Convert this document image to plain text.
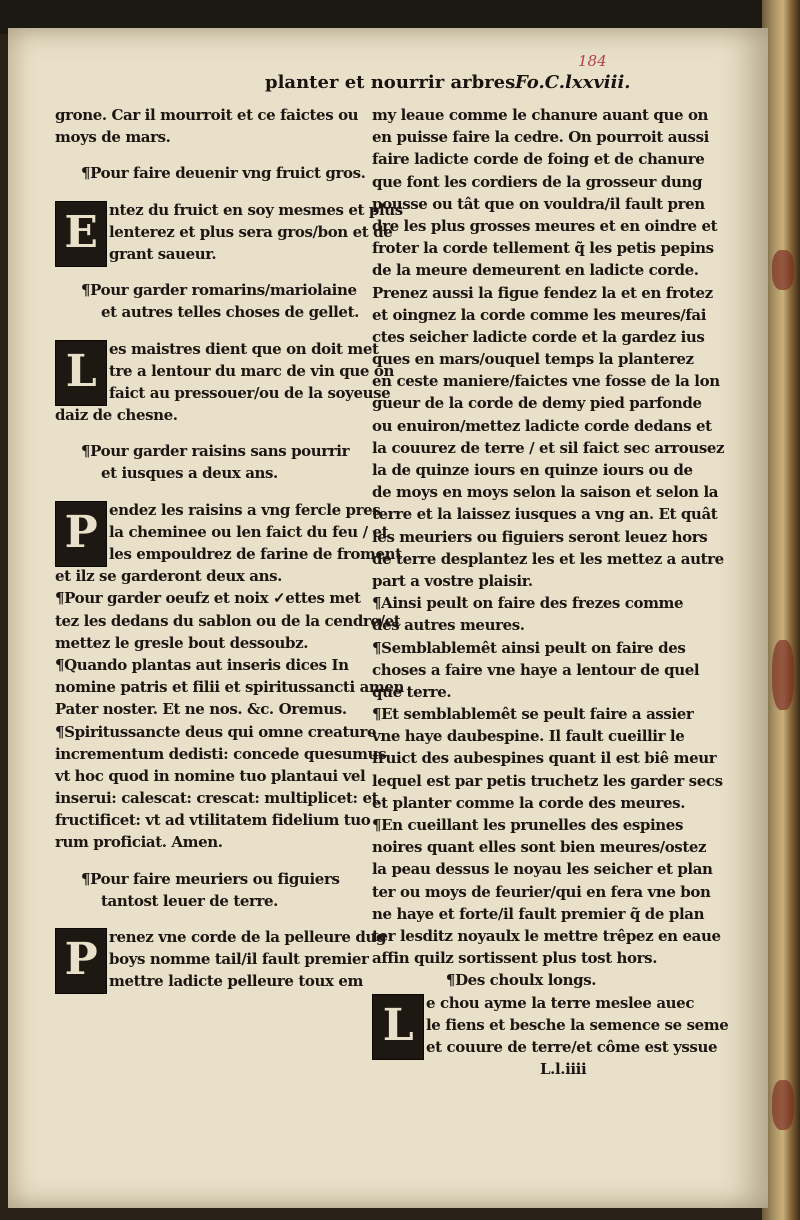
184
planter et nourrir arbres.
Fo.C.lxxviii.
grone. Car il mourroit et ce faictes ou
moys de mars.
¶Pour faire deuenir vng fruict gros.
E ntez du fruict en soy mesmes et plus
lenterez et plus sera gros/bon et de
grant saueur.
¶Pour garder romarins/mariolaine
et autres telles choses de gellet.
L es maistres dient que on doit met
tre a lentour du marc de vin que on
faict au pressouer/ou de la soyeuse
daiz de chesne.
¶Pour garder raisins sans pourrir
et iusques a deux ans.
P endez les raisins a vng fercle pres
la cheminee ou len faict du feu / et
les empouldrez de farine de froment
et ilz se garderont deux ans.
¶Pour garder oeufz et noix ✓ettes met
tez les dedans du sablon ou de la cendre/et
mettez le gresle bout dessoubz.
¶Quando plantas aut inseris dices In
nomine patris et filii et spiritussancti amen
Pater noster. Et ne nos. &c. Oremus.
¶Spiritussancte deus qui omne creature
incrementum dedisti: concede quesumus
vt hoc quod in nomine tuo plantaui vel
inserui: calescat: crescat: multiplicet: et
fructificet: vt ad vtilitatem fidelium tuo
rum proficiat. Amen.
¶Pour faire meuriers ou figuiers
tantost leuer de terre.
P renez vne corde de la pelleure dug
boys nomme tail/il fault premier
mettre ladicte pelleure toux em
my leaue comme le chanure auant que on
en puisse faire la cedre. On pourroit aussi
faire ladicte corde de foing et de chanure
que font les cordiers de la grosseur dung
pousse ou tât que on vouldra/il fault pren
dre les plus grosses meures et en oindre et
froter la corde tellement q̃ les petis pepins
de la meure demeurent en ladicte corde.
Prenez aussi la figue fendez la et en frotez
et oingnez la corde comme les meures/fai
ctes seicher ladicte corde et la gardez ius
ques en mars/ouquel temps la planterez
en ceste maniere/faictes vne fosse de la lon
gueur de la corde de demy pied parfonde
ou enuiron/mettez ladicte corde dedans et
la couurez de terre / et sil faict sec arrousez
la de quinze iours en quinze iours ou de
de moys en moys selon la saison et selon la
terre et la laissez iusques a vng an. Et quât
les meuriers ou figuiers seront leuez hors
de terre desplantez les et les mettez a autre
part a vostre plaisir.
¶Ainsi peult on faire des frezes comme
des autres meures.
¶Semblablemêt ainsi peult on faire des
choses a faire vne haye a lentour de quel
que terre.
¶Et semblablemêt se peult faire a assier
vne haye daubespine. Il fault cueillir le
fruict des aubespines quant il est biê meur
lequel est par petis truchetz les garder secs
et planter comme la corde des meures.
¶En cueillant les prunelles des espines
noires quant elles sont bien meures/ostez
la peau dessus le noyau les seicher et plan
ter ou moys de feurier/qui en fera vne bon
ne haye et forte/il fault premier q̃ de plan
ter lesditz noyaulx le mettre trêpez en eaue
affin quilz sortissent plus tost hors.
¶Des choulx longs.
L e chou ayme la terre meslee auec
le fiens et besche la semence se seme
et couure de terre/et côme est yssue
L.l.iiii
